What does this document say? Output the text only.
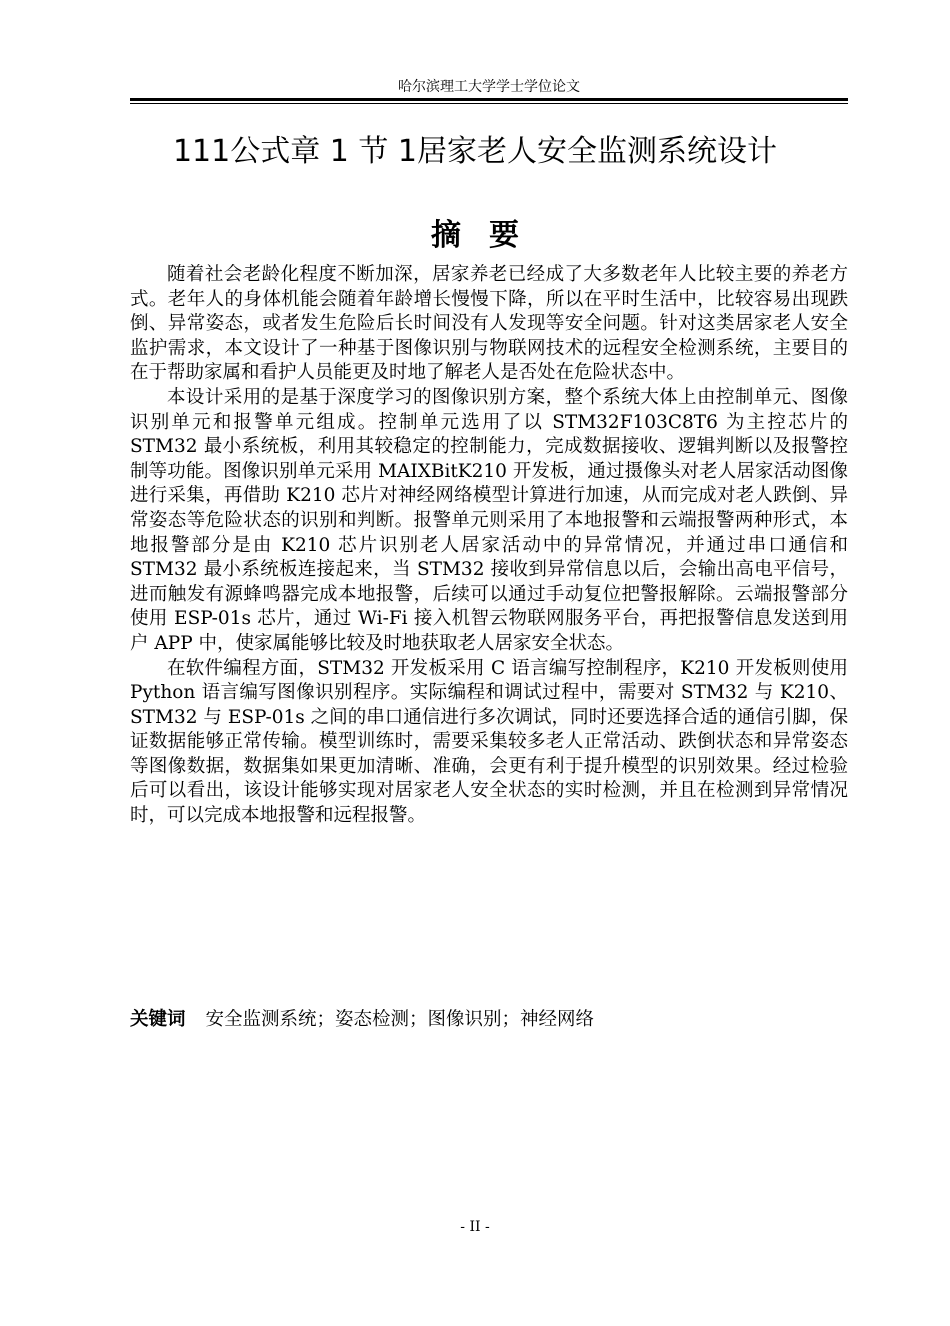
哈尔滨理工大学学士学位论文
111公式章 1 节 1居家老人安全监测系统设计
摘要

随着社会老龄化程度不断加深，居家养老已经成了大多数老年人比较主要的养老方式。老年人的身体机能会随着年龄增长慢慢下降，所以在平时生活中，比较容易出现跌倒、异常姿态，或者发生危险后长时间没有人发现等安全问题。针对这类居家老人安全监护需求，本文设计了一种基于图像识别与物联网技术的远程安全检测系统，主要目的在于帮助家属和看护人员能更及时地了解老人是否处在危险状态中。

本设计采用的是基于深度学习的图像识别方案，整个系统大体上由控制单元、图像识别单元和报警单元组成。控制单元选用了以 STM32F103C8T6 为主控芯片的 STM32 最小系统板，利用其较稳定的控制能力，完成数据接收、逻辑判断以及报警控制等功能。图像识别单元采用 MAIXBitK210 开发板，通过摄像头对老人居家活动图像进行采集，再借助 K210 芯片对神经网络模型计算进行加速，从而完成对老人跌倒、异常姿态等危险状态的识别和判断。报警单元则采用了本地报警和云端报警两种形式，本地报警部分是由 K210 芯片识别老人居家活动中的异常情况，并通过串口通信和 STM32 最小系统板连接起来，当 STM32 接收到异常信息以后，会输出高电平信号，进而触发有源蜂鸣器完成本地报警，后续可以通过手动复位把警报解除。云端报警部分使用 ESP-01s 芯片，通过 Wi-Fi 接入机智云物联网服务平台，再把报警信息发送到用户 APP 中，使家属能够比较及时地获取老人居家安全状态。

在软件编程方面，STM32 开发板采用 C 语言编写控制程序，K210 开发板则使用 Python 语言编写图像识别程序。实际编程和调试过程中，需要对 STM32 与 K210、STM32 与 ESP-01s 之间的串口通信进行多次调试，同时还要选择合适的通信引脚，保证数据能够正常传输。模型训练时，需要采集较多老人正常活动、跌倒状态和异常姿态等图像数据，数据集如果更加清晰、准确，会更有利于提升模型的识别效果。经过检验后可以看出，该设计能够实现对居家老人安全状态的实时检测，并且在检测到异常情况时，可以完成本地报警和远程报警。

关键词 安全监测系统；姿态检测；图像识别；神经网络
- II -
